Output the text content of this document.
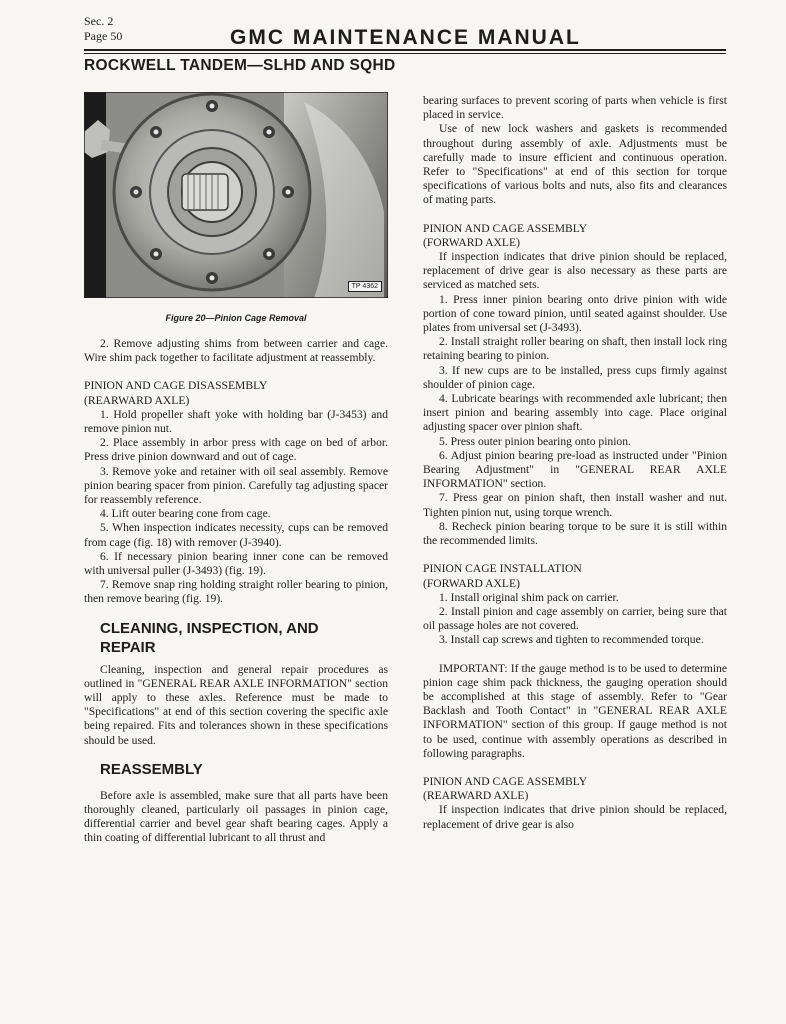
Sec. 2
Page 50	GMC MAINTENANCE MANUAL
ROCKWELL TANDEM—SLHD AND SQHD
TP 4362
Figure 20—Pinion Cage Removal

2. Remove adjusting shims from between carrier and cage. Wire shim pack together to facilitate adjustment at reassembly.

PINION AND CAGE DISASSEMBLY

(REARWARD AXLE)

1. Hold propeller shaft yoke with holding bar (J-3453) and remove pinion nut.

2. Place assembly in arbor press with cage on bed of arbor. Press drive pinion downward and out of cage.

3. Remove yoke and retainer with oil seal assembly. Remove pinion bearing spacer from pinion. Carefully tag adjusting spacer for reassembly reference.

4. Lift outer bearing cone from cage.

5. When inspection indicates necessity, cups can be removed from cage (fig. 18) with remover (J-3940).

6. If necessary pinion bearing inner cone can be removed with universal puller (J-3493) (fig. 19).

7. Remove snap ring holding straight roller bearing to pinion, then remove bearing (fig. 19).

CLEANING, INSPECTION, AND

REPAIR

Cleaning, inspection and general repair procedures as outlined in "GENERAL REAR AXLE INFORMATION" section will apply to these axles. Reference must be made to "Specifications" at end of this section covering the specific axle being repaired. Fits and tolerances shown in these specifications should be used.

REASSEMBLY

Before axle is assembled, make sure that all parts have been thoroughly cleaned, particularly oil passages in pinion cage, differential carrier and bevel gear shaft bearing cages. Apply a thin coating of differential lubricant to all thrust and

bearing surfaces to prevent scoring of parts when vehicle is first placed in service.

Use of new lock washers and gaskets is recommended throughout during assembly of axle. Adjustments must be carefully made to insure efficient and continuous operation. Refer to "Specifications" at end of this section for torque specifications of various bolts and nuts, also fits and clearances of mating parts.

PINION AND CAGE ASSEMBLY

(FORWARD AXLE)

If inspection indicates that drive pinion should be replaced, replacement of drive gear is also necessary as these parts are serviced as matched sets.

1. Press inner pinion bearing onto drive pinion with wide portion of cone toward pinion, until seated against shoulder. Use plates from universal set (J-3493).

2. Install straight roller bearing on shaft, then install lock ring retaining bearing to pinion.

3. If new cups are to be installed, press cups firmly against shoulder of pinion cage.

4. Lubricate bearings with recommended axle lubricant; then insert pinion and bearing assembly into cage. Place original adjusting spacer over pinion shaft.

5. Press outer pinion bearing onto pinion.

6. Adjust pinion bearing pre-load as instructed under "Pinion Bearing Adjustment" in "GENERAL REAR AXLE INFORMATION" section.

7. Press gear on pinion shaft, then install washer and nut. Tighten pinion nut, using torque wrench.

8. Recheck pinion bearing torque to be sure it is still within the recommended limits.

PINION CAGE INSTALLATION

(FORWARD AXLE)

1. Install original shim pack on carrier.

2. Install pinion and cage assembly on carrier, being sure that oil passage holes are not covered.

3. Install cap screws and tighten to recommended torque.

IMPORTANT: If the gauge method is to be used to determine pinion cage shim pack thickness, the gauging operation should be accomplished at this stage of assembly. Refer to "Gear Backlash and Tooth Contact" in "GENERAL REAR AXLE INFORMATION" section of this group. If gauge method is not to be used, continue with assembly operations as described in following paragraphs.

PINION AND CAGE ASSEMBLY

(REARWARD AXLE)

If inspection indicates that drive pinion should be replaced, replacement of drive gear is also
